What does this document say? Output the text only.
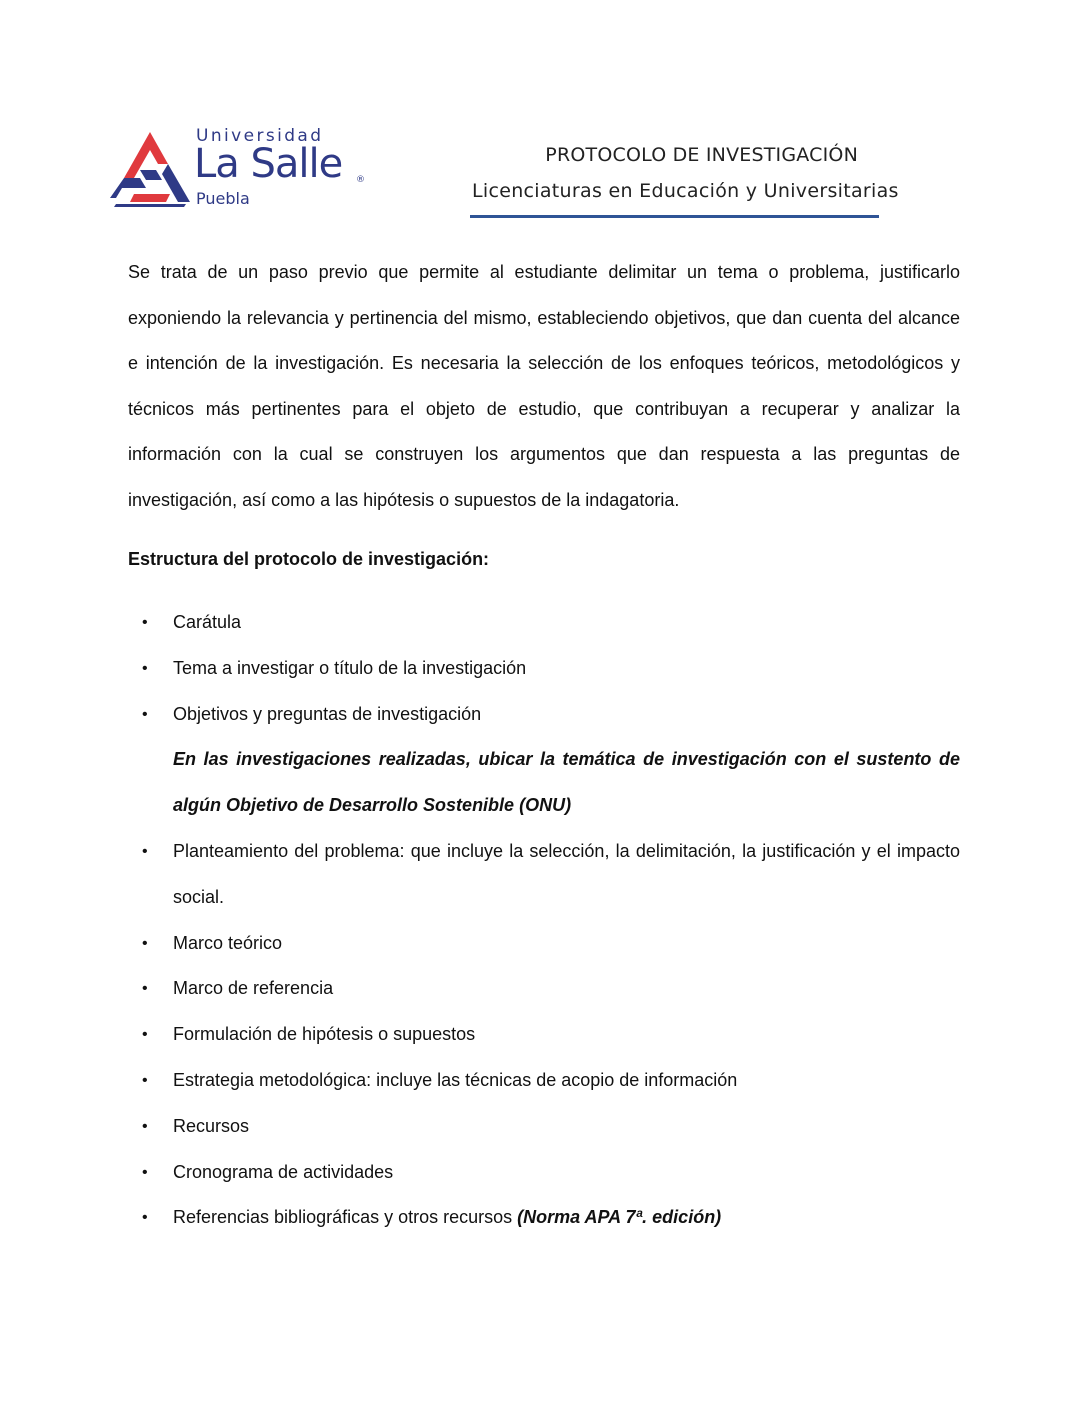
Universidad
La Salle ®
Puebla
PROTOCOLO DE INVESTIGACIÓN
Licenciaturas en Educación y Universitarias

Se trata de un paso previo que permite al estudiante delimitar un tema o problema, justificarlo exponiendo la relevancia y pertinencia del mismo, estableciendo objetivos, que dan cuenta del alcance e intención de la investigación. Es necesaria la selección de los enfoques teóricos, metodológicos y técnicos más pertinentes para el objeto de estudio, que contribuyan a recuperar y analizar la información con la cual se construyen los argumentos que dan respuesta a las preguntas de investigación, así como a las hipótesis o supuestos de la indagatoria.

Estructura del protocolo de investigación:
• Carátula
• Tema a investigar o título de la investigación
• Objetivos y preguntas de investigación
En las investigaciones realizadas, ubicar la temática de investigación con el sustento de algún Objetivo de Desarrollo Sostenible (ONU)
• Planteamiento del problema: que incluye la selección, la delimitación, la justificación y el impacto social.
• Marco teórico
• Marco de referencia
• Formulación de hipótesis o supuestos
• Estrategia metodológica: incluye las técnicas de acopio de información
• Recursos
• Cronograma de actividades
• Referencias bibliográficas y otros recursos (Norma APA 7ª. edición)
